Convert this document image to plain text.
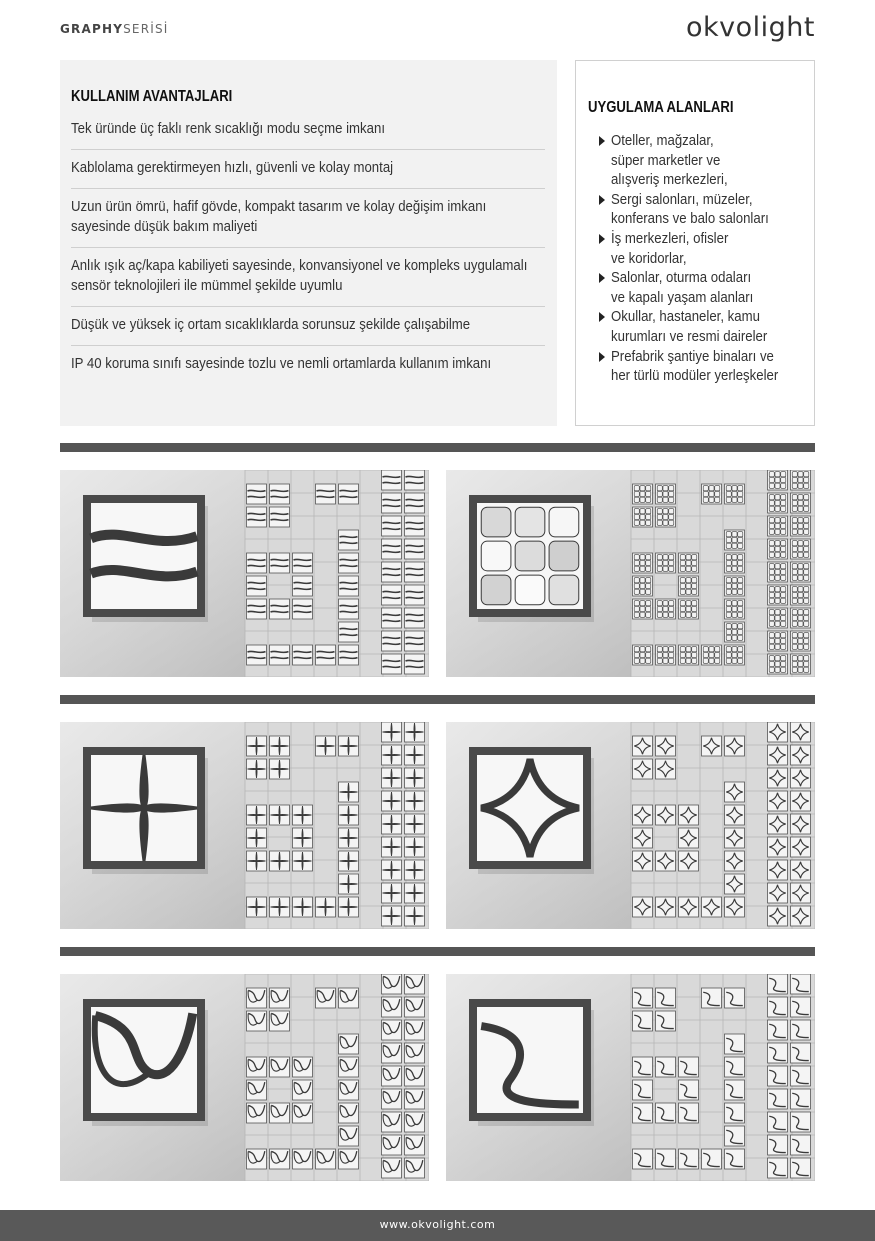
GRAPHYSERİSİ	okvolight
KULLANIM AVANTAJLARI
Tek üründe üç faklı renk sıcaklığı modu seçme imkanı
Kablolama gerektirmeyen hızlı, güvenli ve kolay montaj
Uzun ürün ömrü, hafif gövde, kompakt tasarım ve kolay değişim imkanı sayesinde düşük bakım maliyeti
Anlık ışık aç/kapa kabiliyeti sayesinde, konvansiyonel ve kompleks uygulamalı sensör teknolojileri ile mümmel şekilde uyumlu
Düşük ve yüksek iç ortam sıcaklıklarda sorunsuz şekilde çalışabilme
IP 40 koruma sınıfı sayesinde tozlu ve nemli ortamlarda kullanım imkanı
UYGULAMA ALANLARI
Oteller, mağzalar,
süper marketler ve
alışveriş merkezleri,
Sergi salonları, müzeler,
konferans ve balo salonları
İş merkezleri, ofisler
ve koridorlar,
Salonlar, oturma odaları
ve kapalı yaşam alanları
Okullar, hastaneler, kamu
kurumları ve resmi daireler
Prefabrik şantiye binaları ve
her türlü modüler yerleşkeler
www.okvolight.com
